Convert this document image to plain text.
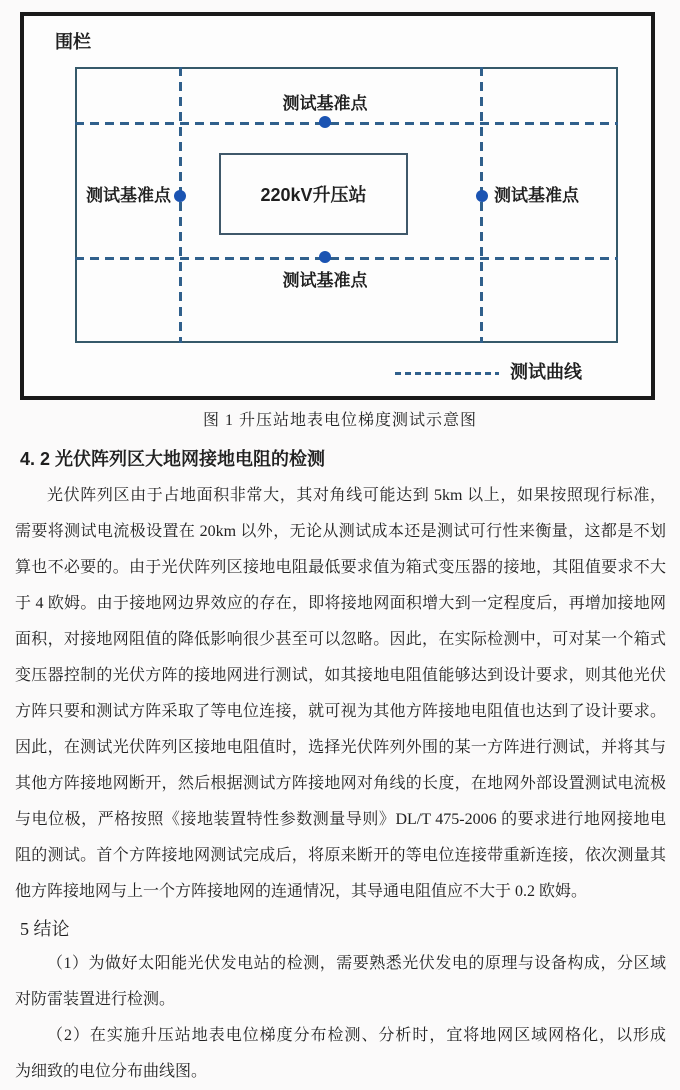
围栏
220kV升压站
测试基准点
测试基准点
测试基准点	测试基准点
测试曲线
图 1 升压站地表电位梯度测试示意图
4. 2 光伏阵列区大地网接地电阻的检测
光伏阵列区由于占地面积非常大，其对角线可能达到 5km 以上，如果按照现行标准，
需要将测试电流极设置在 20km 以外，无论从测试成本还是测试可行性来衡量，这都是不划
算也不必要的。由于光伏阵列区接地电阻最低要求值为箱式变压器的接地，其阻值要求不大
于 4 欧姆。由于接地网边界效应的存在，即将接地网面积增大到一定程度后，再增加接地网
面积，对接地网阻值的降低影响很少甚至可以忽略。因此，在实际检测中，可对某一个箱式
变压器控制的光伏方阵的接地网进行测试，如其接地电阻值能够达到设计要求，则其他光伏
方阵只要和测试方阵采取了等电位连接，就可视为其他方阵接地电阻值也达到了设计要求。
因此，在测试光伏阵列区接地电阻值时，选择光伏阵列外围的某一方阵进行测试，并将其与
其他方阵接地网断开，然后根据测试方阵接地网对角线的长度，在地网外部设置测试电流极
与电位极，严格按照《接地装置特性参数测量导则》DL/T 475-2006 的要求进行地网接地电
阻的测试。首个方阵接地网测试完成后，将原来断开的等电位连接带重新连接，依次测量其
他方阵接地网与上一个方阵接地网的连通情况，其导通电阻值应不大于 0.2 欧姆。
5 结论
（1）为做好太阳能光伏发电站的检测，需要熟悉光伏发电的原理与设备构成，分区域
对防雷装置进行检测。
（2）在实施升压站地表电位梯度分布检测、分析时，宜将地网区域网格化，以形成
为细致的电位分布曲线图。
